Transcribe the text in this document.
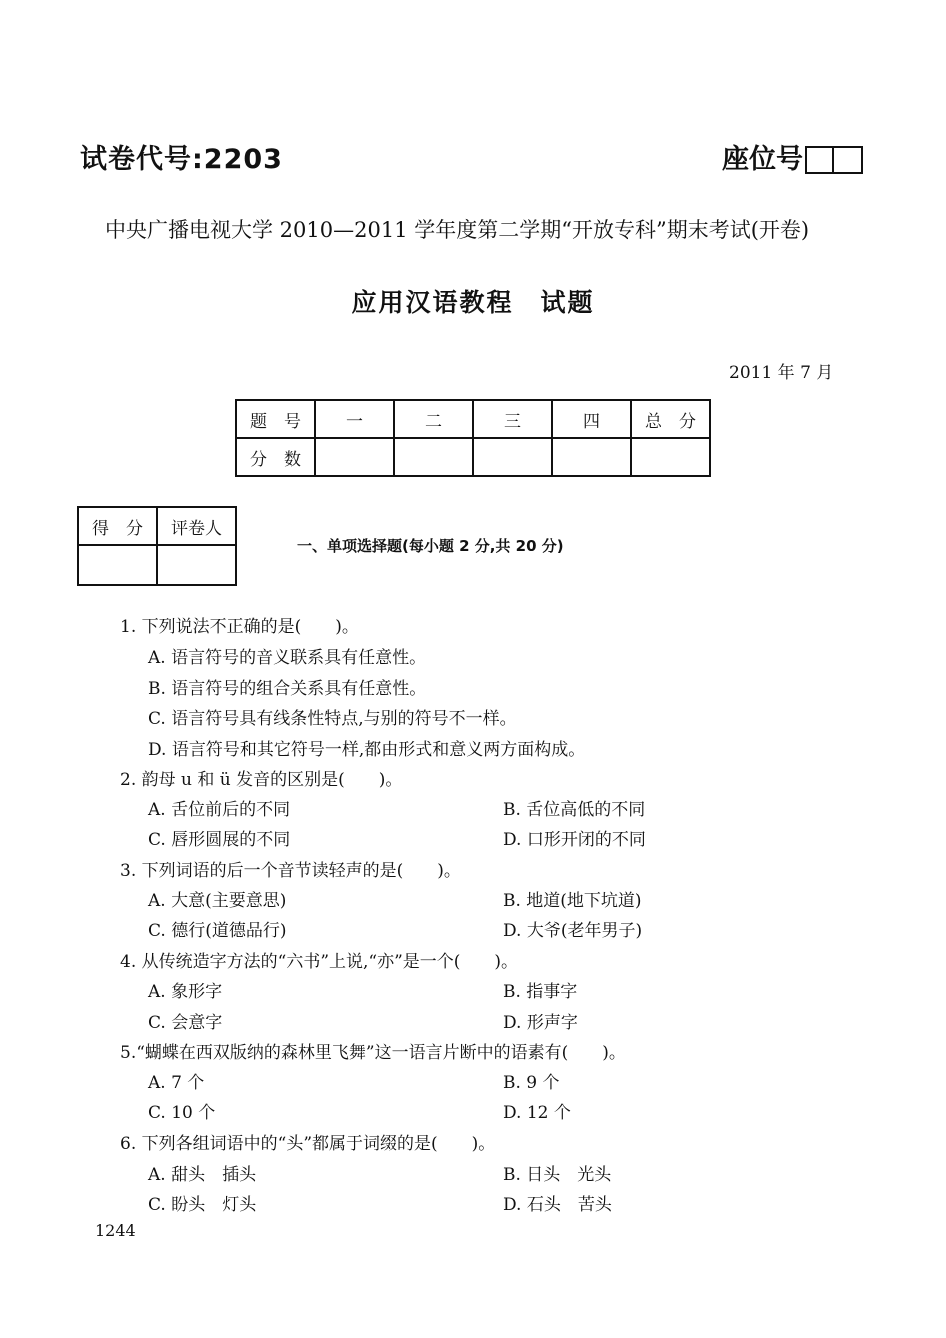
试卷代号:2203	座位号
中央广播电视大学 2010—2011 学年度第二学期“开放专科”期末考试(开卷)
应用汉语教程　试题
2011 年 7 月
题　号	一	二	三	四	总　分
分　数					
得　分	评卷人

一、单项选择题(每小题 2 分,共 20 分)
1. 下列说法不正确的是(　　)。
A. 语言符号的音义联系具有任意性。
B. 语言符号的组合关系具有任意性。
C. 语言符号具有线条性特点,与别的符号不一样。
D. 语言符号和其它符号一样,都由形式和意义两方面构成。
2. 韵母 u 和 ü 发音的区别是(　　)。
A. 舌位前后的不同	B. 舌位高低的不同
C. 唇形圆展的不同	D. 口形开闭的不同
3. 下列词语的后一个音节读轻声的是(　　)。
A. 大意(主要意思)	B. 地道(地下坑道)
C. 德行(道德品行)	D. 大爷(老年男子)
4. 从传统造字方法的“六书”上说,“亦”是一个(　　)。
A. 象形字	B. 指事字
C. 会意字	D. 形声字
5.“蝴蝶在西双版纳的森林里飞舞”这一语言片断中的语素有(　　)。
A. 7 个	B. 9 个
C. 10 个	D. 12 个
6. 下列各组词语中的“头”都属于词缀的是(　　)。
A. 甜头　插头	B. 日头　光头
C. 盼头　灯头	D. 石头　苦头
1244
